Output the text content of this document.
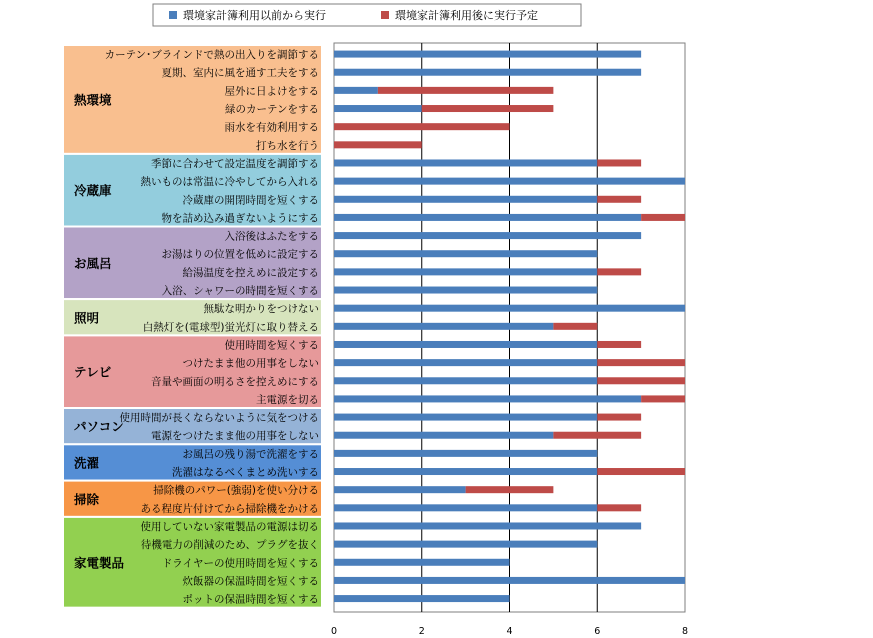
環境家計簿利用以前から実行	環境家計簿利用後に実行予定
熱環境
カーテン･ブラインドで熱の出入りを調節する
夏期、室内に風を通す工夫をする
屋外に日よけをする
緑のカーテンをする
雨水を有効利用する
打ち水を行う
冷蔵庫
季節に合わせて設定温度を調節する
熱いものは常温に冷やしてから入れる
冷蔵庫の開閉時間を短くする
物を詰め込み過ぎないようにする
お風呂
入浴後はふたをする
お湯はりの位置を低めに設定する
給湯温度を控えめに設定する
入浴、シャワーの時間を短くする
照明
無駄な明かりをつけない
白熱灯を(電球型)蛍光灯に取り替える
テレビ
使用時間を短くする
つけたまま他の用事をしない
音量や画面の明るさを控えめにする
主電源を切る
パソコン
使用時間が長くならないように気をつける
電源をつけたまま他の用事をしない
洗濯
お風呂の残り湯で洗濯をする
洗濯はなるべくまとめ洗いする
掃除
掃除機のパワー(強弱)を使い分ける
ある程度片付けてから掃除機をかける
家電製品
使用していない家電製品の電源は切る
待機電力の削減のため、プラグを抜く
ドライヤーの使用時間を短くする
炊飯器の保温時間を短くする
ポットの保温時間を短くする
0	2	4	6	8
